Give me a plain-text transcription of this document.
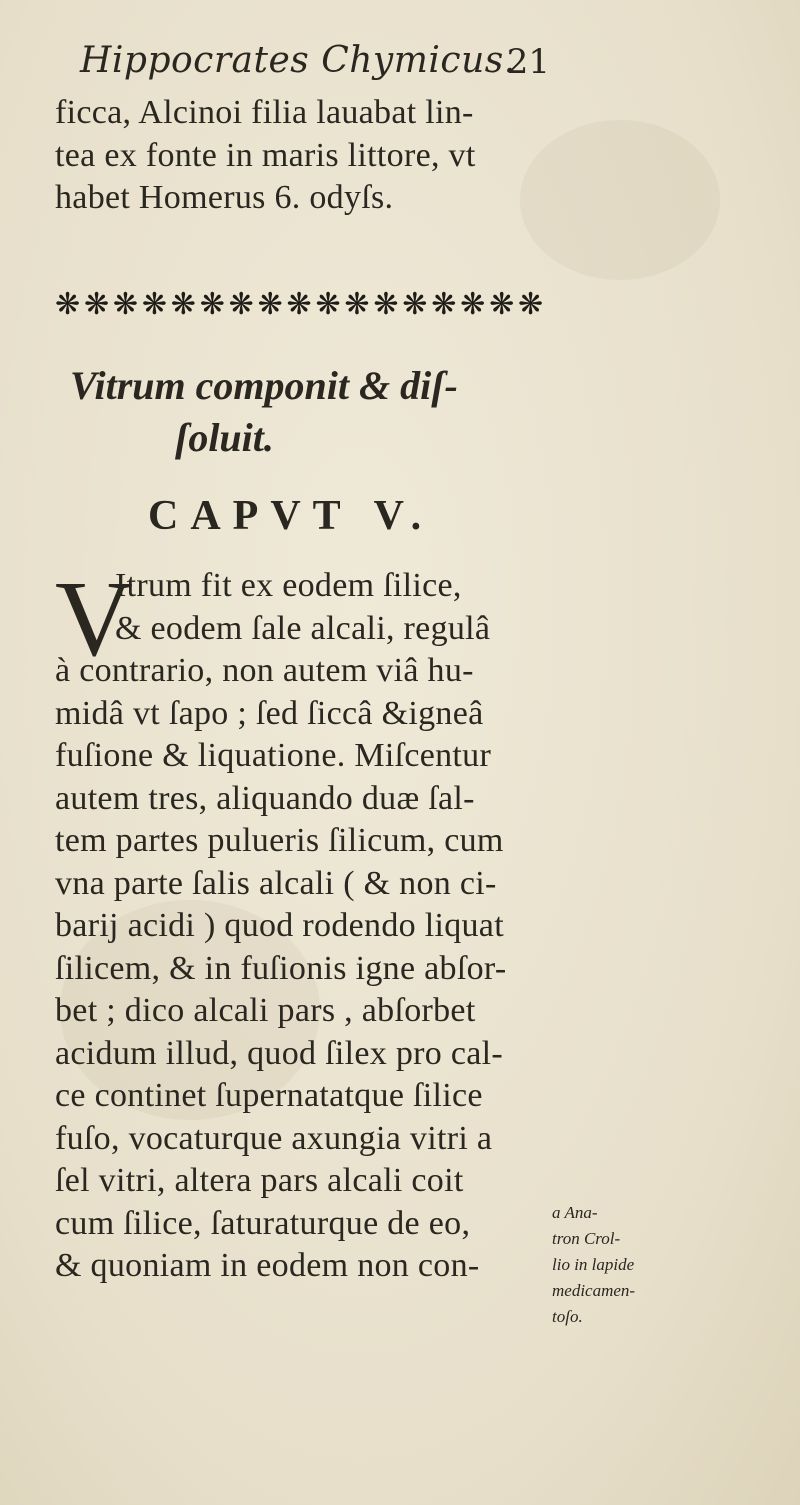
Hippocrates Chymicus.
21
ficca, Alcinoi filia lauabat lin-
tea ex fonte in maris littore, vt
habet Homerus 6. odyſs.
❋ ❋ ❋ ❋ ❋ ❋ ❋ ❋ ❋ ❋ ❋ ❋ ❋ ❋ ❋ ❋ ❋
Vitrum componit & diſ-
ſoluit.
CAPVT V.
V
Itrum fit ex eodem ſilice,
& eodem ſale alcali, regulâ
à contrario, non autem viâ hu-
midâ vt ſapo ; ſed ſiccâ &igneâ
fuſione & liquatione. Miſcentur
autem tres, aliquando duæ ſal-
tem partes pulueris ſilicum, cum
vna parte ſalis alcali ( & non ci-
barij acidi ) quod rodendo liquat
ſilicem, & in fuſionis igne abſor-
bet ; dico alcali pars , abſorbet
acidum illud, quod ſilex pro cal-
ce continet ſupernatatque ſilice
fuſo, vocaturque axungia vitri a
ſel vitri, altera pars alcali coit
cum ſilice, ſaturaturque de eo,
& quoniam in eodem non con-
a Ana-
tron Crol-
lio in lapide
medicamen-
toſo.
